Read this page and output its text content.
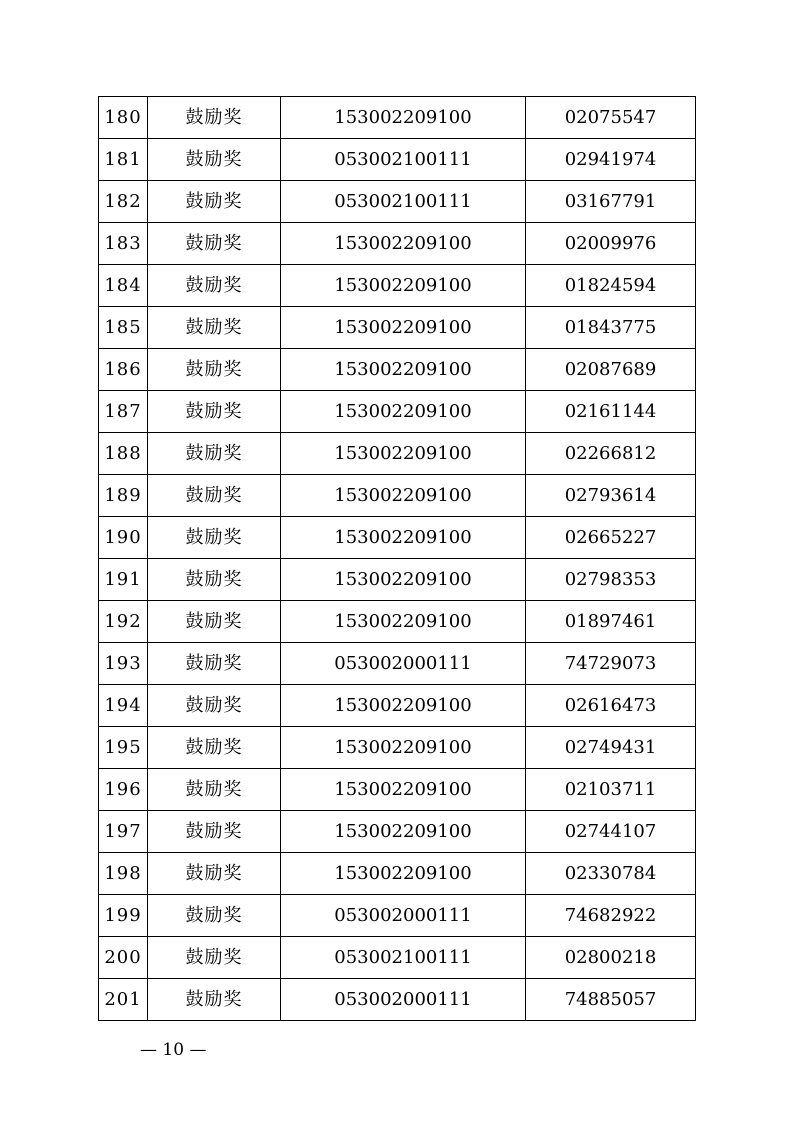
180	鼓励奖	153002209100	02075547
181	鼓励奖	053002100111	02941974
182	鼓励奖	053002100111	03167791
183	鼓励奖	153002209100	02009976
184	鼓励奖	153002209100	01824594
185	鼓励奖	153002209100	01843775
186	鼓励奖	153002209100	02087689
187	鼓励奖	153002209100	02161144
188	鼓励奖	153002209100	02266812
189	鼓励奖	153002209100	02793614
190	鼓励奖	153002209100	02665227
191	鼓励奖	153002209100	02798353
192	鼓励奖	153002209100	01897461
193	鼓励奖	053002000111	74729073
194	鼓励奖	153002209100	02616473
195	鼓励奖	153002209100	02749431
196	鼓励奖	153002209100	02103711
197	鼓励奖	153002209100	02744107
198	鼓励奖	153002209100	02330784
199	鼓励奖	053002000111	74682922
200	鼓励奖	053002100111	02800218
201	鼓励奖	053002000111	74885057
— 10 —
